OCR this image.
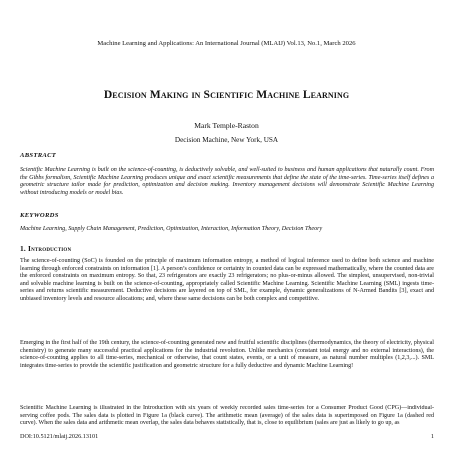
Machine Learning and Applications: An International Journal (MLAIJ) Vol.13, No.1, March 2026
Decision Making in Scientific Machine Learning
Mark Temple-Raston
Decision Machine, New York, USA
ABSTRACT

Scientific Machine Learning is built on the science-of-counting, is deductively solvable, and well-suited to business and human applications that naturally count. From the Gibbs formalism, Scientific Machine Learning produces unique and exact scientific measurements that define the state of the time-series. Time-series itself defines a geometric structure tailor made for prediction, optimization and decision making. Inventory management decisions will demonstrate Scientific Machine Learning without introducing models or model bias.

KEYWORDS

Machine Learning, Supply Chain Management, Prediction, Optimization, Interaction, Information Theory, Decision Theory

1. Introduction

The science-of-counting (SoC) is founded on the principle of maximum information entropy, a method of logical inference used to define both science and machine learning through enforced constraints on information [1]. A person’s confidence or certainty in counted data can be expressed mathematically, where the counted data are the enforced constraints on maximum entropy. So that, 23 refrigerators are exactly 23 refrigerators; no plus-or-minus allowed. The simplest, unsupervised, non-trivial and solvable machine learning is built on the science-of-counting, appropriately called Scientific Machine Learning. Scientific Machine Learning (SML) ingests time-series and returns scientific measurement. Deductive decisions are layered on top of SML, for example, dynamic generalizations of N-Armed Bandits [3], exact and unbiased inventory levels and resource allocations; and, where these same decisions can be both complex and competitive.

Emerging in the first half of the 19th century, the science-of-counting generated new and fruitful scientific disciplines (thermodynamics, the theory of electricity, physical chemistry) to generate many successful practical applications for the industrial revolution. Unlike mechanics (constant total energy and no external interactions), the science-of-counting applies to all time-series, mechanical or otherwise, that count states, events, or a unit of measure, as natural number multiples (1,2,3,...). SML integrates time-series to provide the scientific justification and geometric structure for a fully deductive and dynamic Machine Learning!

Scientific Machine Learning is illustrated in the Introduction with six years of weekly recorded sales time-series for a Consumer Product Good (CPG)—individual-serving coffee pods. The sales data is plotted in Figure 1a (black curve). The arithmetic mean (average) of the sales data is superimposed on Figure 1a (dashed red curve). When the sales data and arithmetic mean overlap, the sales data behaves statistically, that is, close to equilibrium (sales are just as likely to go up, as

DOI:10.5121/mlaij.2026.13101	1
